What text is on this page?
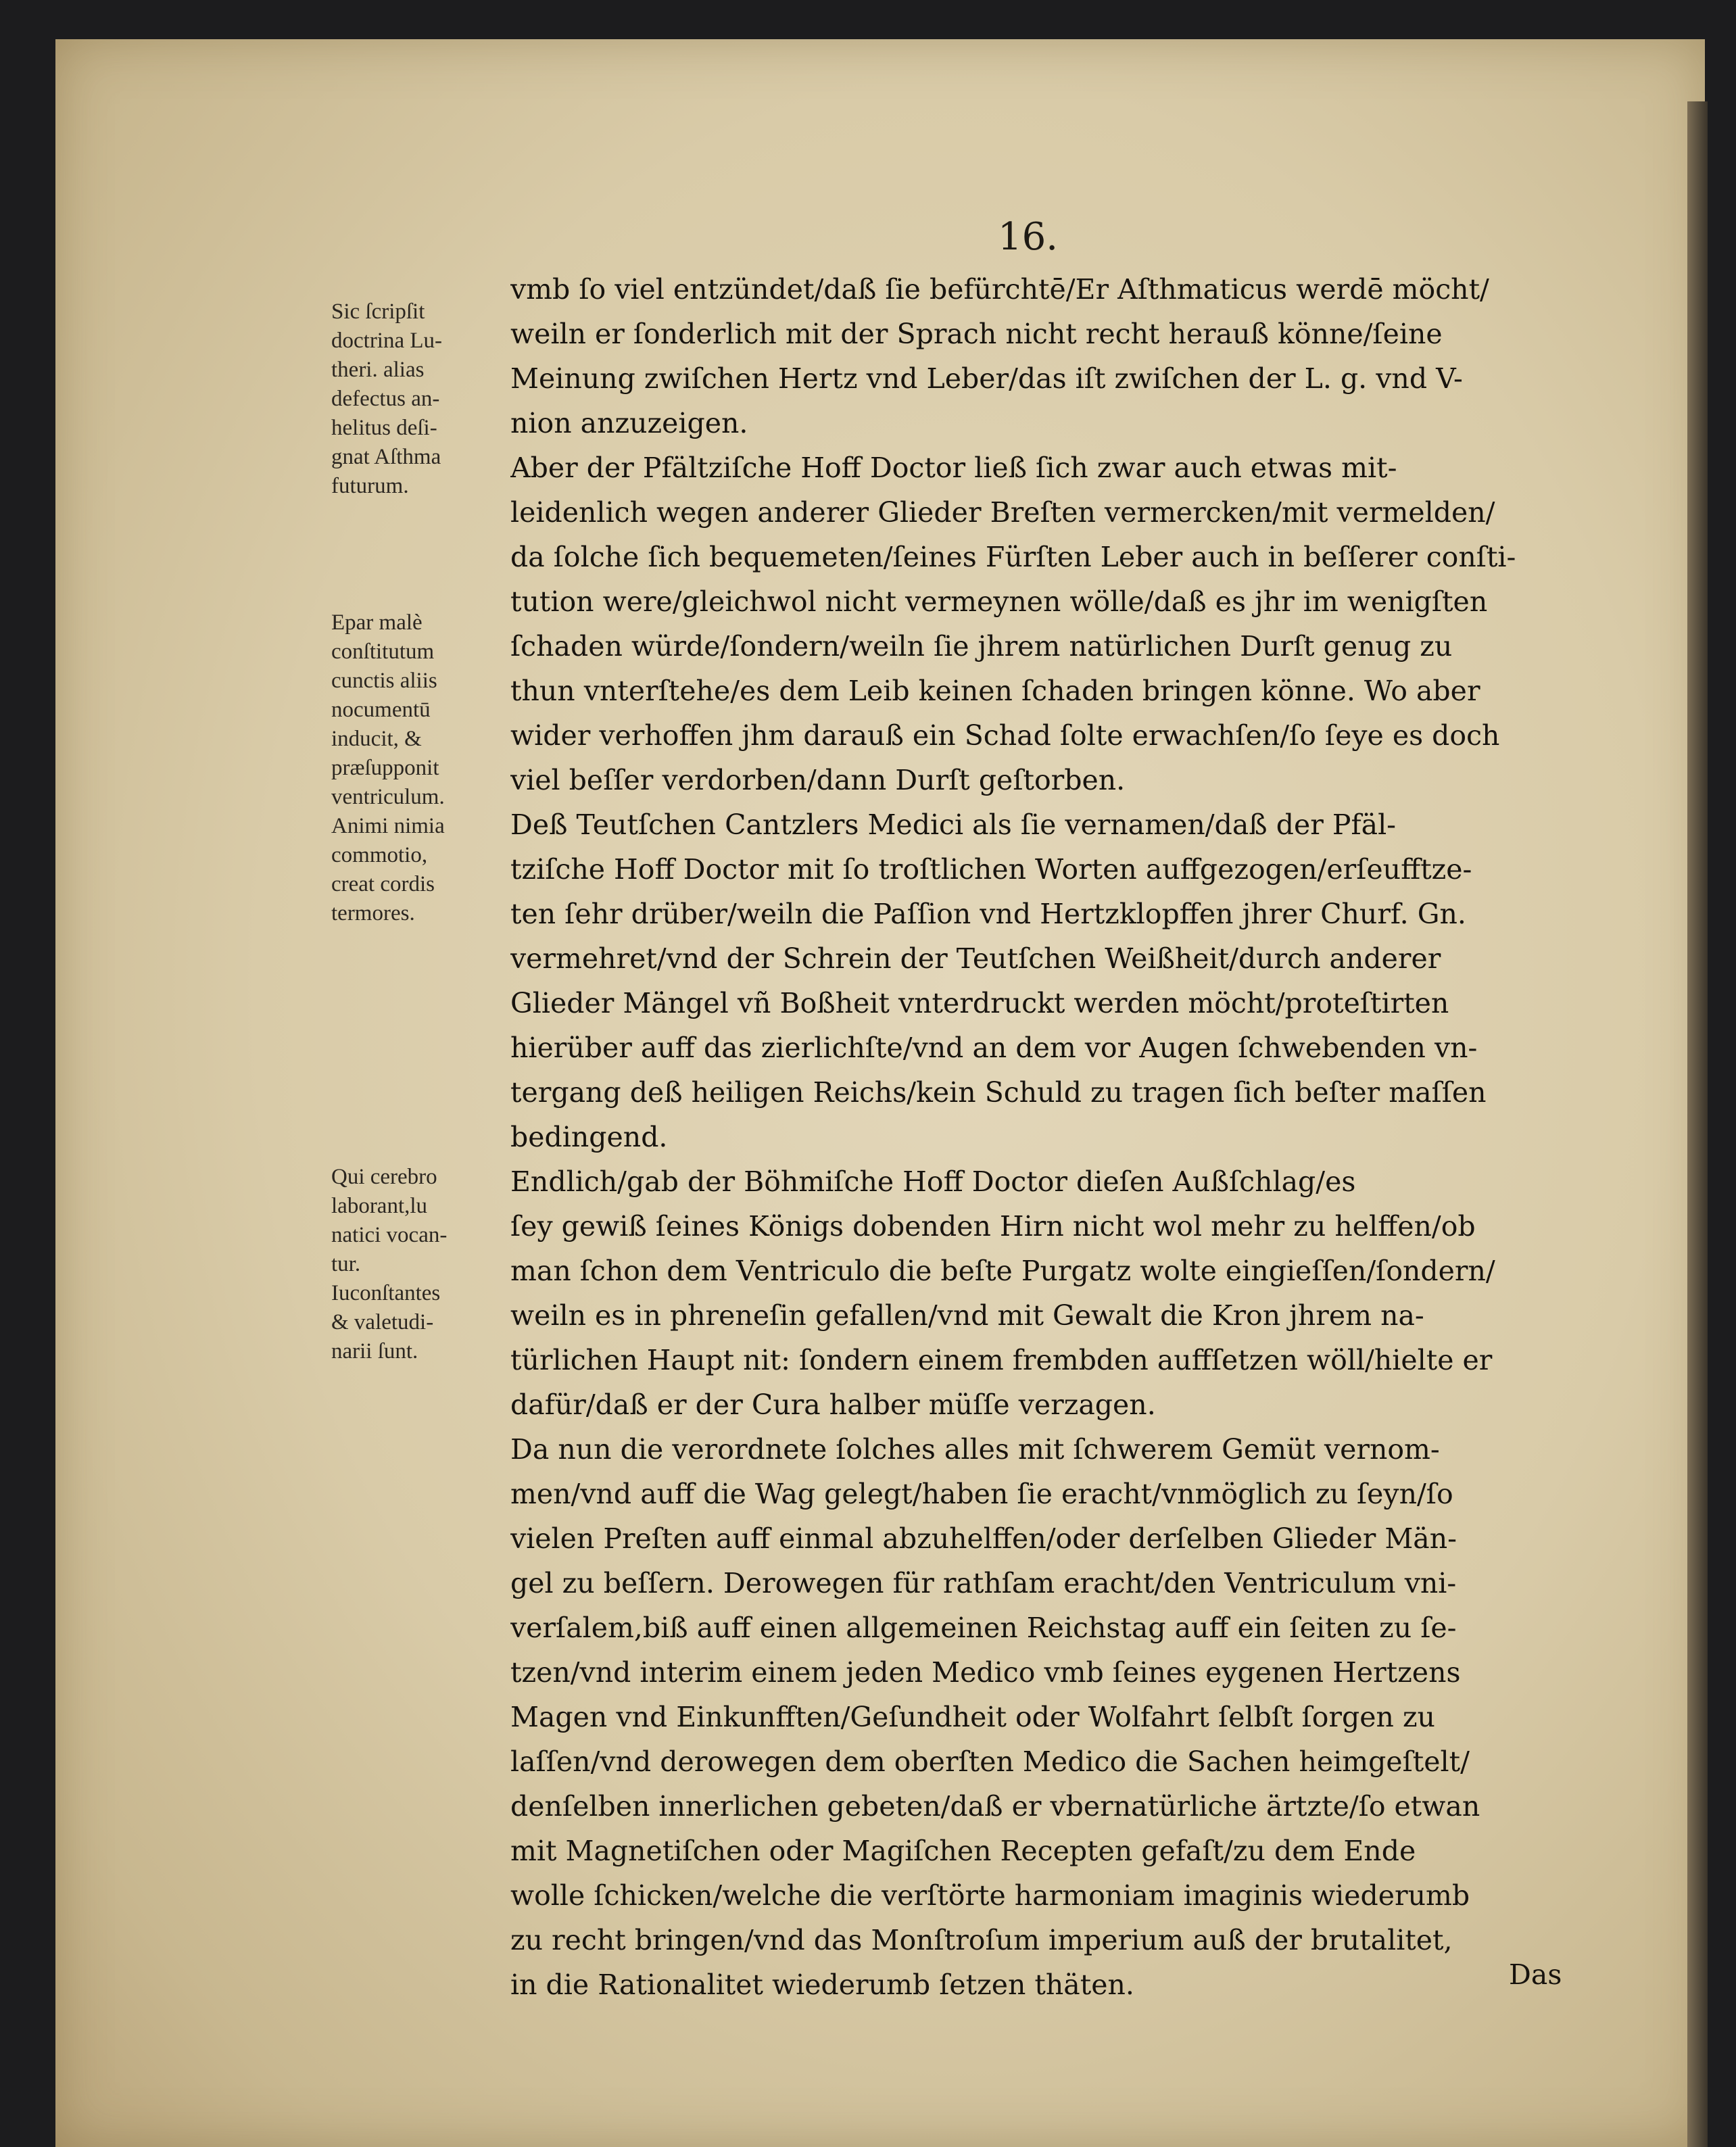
16.
Sic ſcripſit
doctrina Lu-
theri. alias
defectus an-
helitus deſi-
gnat Aſthma
futurum.
Epar malè
conſtitutum
cunctis aliis
nocumentū
inducit, &
præſupponit
ventriculum.
Animi nimia
commotio,
creat cordis
termores.
Qui cerebro
laborant,lu
natici vocan-
tur.
Iuconſtantes
& valetudi-
narii ſunt.
vmb ſo viel entzündet/daß ſie befürchtē/Er Aſthmaticus werdē möcht/
weiln er ſonderlich mit der Sprach nicht recht herauß könne/ſeine
Meinung zwiſchen Hertz vnd Leber/das iſt zwiſchen der L. g. vnd V-
nion anzuzeigen.
Aber der Pfältziſche Hoff Doctor ließ ſich zwar auch etwas mit-
leidenlich wegen anderer Glieder Breſten vermercken/mit vermelden/
da ſolche ſich bequemeten/ſeines Fürſten Leber auch in beſſerer conſti-
tution were/gleichwol nicht vermeynen wölle/daß es jhr im wenigſten
ſchaden würde/ſondern/weiln ſie jhrem natürlichen Durſt genug zu
thun vnterſtehe/es dem Leib keinen ſchaden bringen könne. Wo aber
wider verhoffen jhm darauß ein Schad ſolte erwachſen/ſo ſeye es doch
viel beſſer verdorben/dann Durſt geſtorben.
Deß Teutſchen Cantzlers Medici als ſie vernamen/daß der Pfäl-
tziſche Hoff Doctor mit ſo troſtlichen Worten auffgezogen/erſeufftze-
ten ſehr drüber/weiln die Paſſion vnd Hertzklopffen jhrer Churf. Gn.
vermehret/vnd der Schrein der Teutſchen Weißheit/durch anderer
Glieder Mängel vñ Boßheit vnterdruckt werden möcht/proteſtirten
hierüber auff das zierlichſte/vnd an dem vor Augen ſchwebenden vn-
tergang deß heiligen Reichs/kein Schuld zu tragen ſich beſter maſſen
bedingend.
Endlich/gab der Böhmiſche Hoff Doctor dieſen Außſchlag/es
ſey gewiß ſeines Königs dobenden Hirn nicht wol mehr zu helffen/ob
man ſchon dem Ventriculo die beſte Purgatz wolte eingieſſen/ſondern/
weiln es in phreneſin gefallen/vnd mit Gewalt die Kron jhrem na-
türlichen Haupt nit: ſondern einem frembden auffſetzen wöll/hielte er
dafür/daß er der Cura halber müſſe verzagen.
Da nun die verordnete ſolches alles mit ſchwerem Gemüt vernom-
men/vnd auff die Wag gelegt/haben ſie eracht/vnmöglich zu ſeyn/ſo
vielen Preſten auff einmal abzuhelffen/oder derſelben Glieder Män-
gel zu beſſern. Derowegen für rathſam eracht/den Ventriculum vni-
verſalem,biß auff einen allgemeinen Reichstag auff ein ſeiten zu ſe-
tzen/vnd interim einem jeden Medico vmb ſeines eygenen Hertzens
Magen vnd Einkunfften/Geſundheit oder Wolfahrt ſelbſt ſorgen zu
laſſen/vnd derowegen dem oberſten Medico die Sachen heimgeſtelt/
denſelben innerlichen gebeten/daß er vbernatürliche ärtzte/ſo etwan
mit Magnetiſchen oder Magiſchen Recepten gefaſt/zu dem Ende
wolle ſchicken/welche die verſtörte harmoniam imaginis wiederumb
zu recht bringen/vnd das Monſtroſum imperium auß der brutalitet,
in die Rationalitet wiederumb ſetzen thäten.	Das
